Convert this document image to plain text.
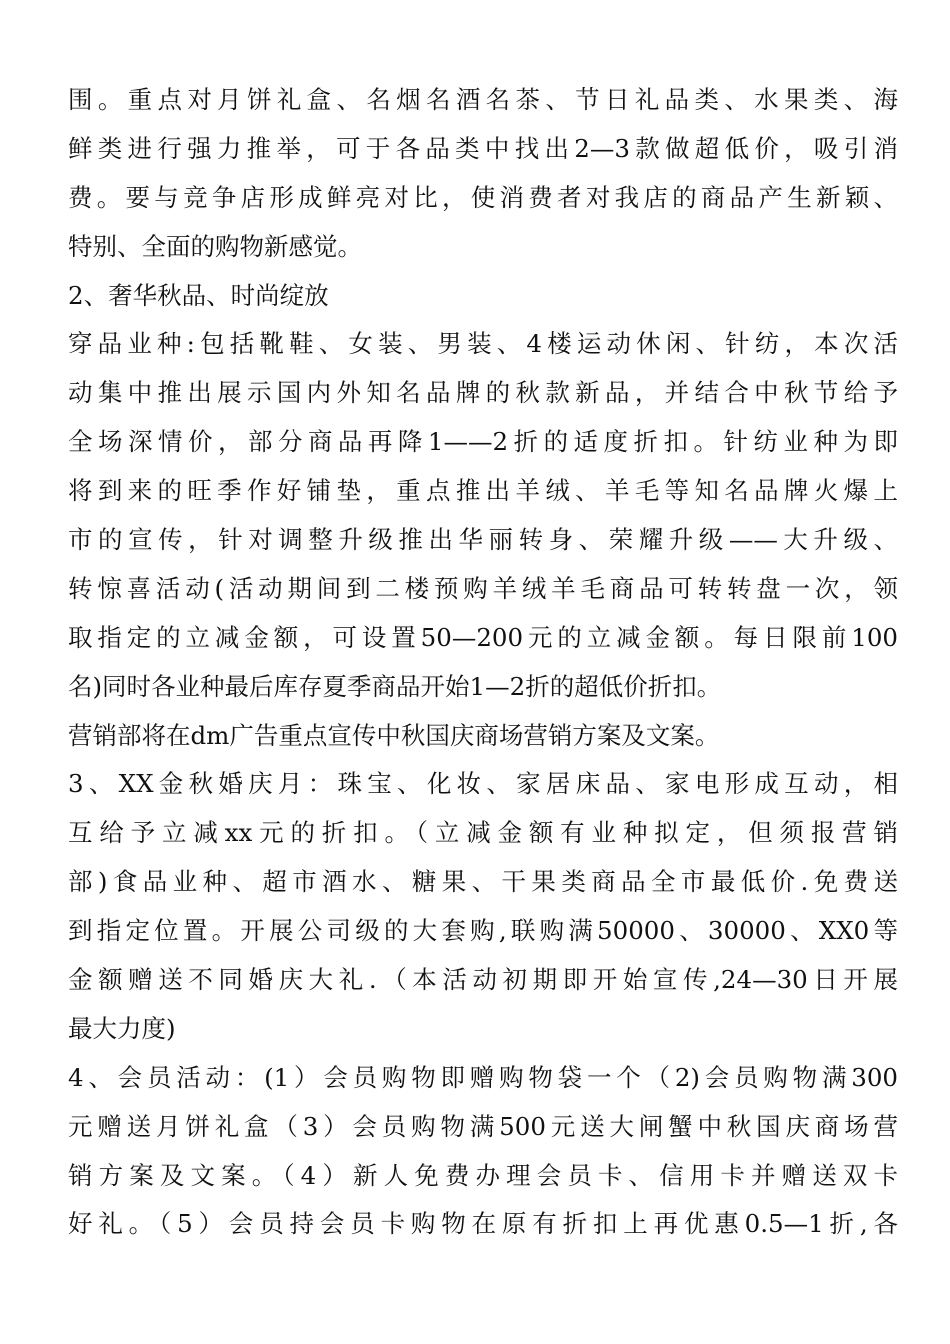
围。重点对月饼礼盒、名烟名酒名茶、节日礼品类、水果类、海
鲜类进行强力推举，可于各品类中找出2—3款做超低价，吸引消
费。要与竞争店形成鲜亮对比，使消费者对我店的商品产生新颖、
特别、全面的购物新感觉。
2、奢华秋品、时尚绽放
穿品业种:包括靴鞋、女装、男装、4楼运动休闲、针纺，本次活
动集中推出展示国内外知名品牌的秋款新品，并结合中秋节给予
全场深情价，部分商品再降1——2折的适度折扣。针纺业种为即
将到来的旺季作好铺垫，重点推出羊绒、羊毛等知名品牌火爆上
市的宣传，针对调整升级推出华丽转身、荣耀升级——大升级、
转惊喜活动(活动期间到二楼预购羊绒羊毛商品可转转盘一次，领
取指定的立减金额，可设置50—200元的立减金额。每日限前100
名)同时各业种最后库存夏季商品开始1—2折的超低价折扣。
营销部将在dm广告重点宣传中秋国庆商场营销方案及文案。
3、XX金秋婚庆月：珠宝、化妆、家居床品、家电形成互动，相
互给予立减xx元的折扣。（立减金额有业种拟定，但须报营销
部)食品业种、超市酒水、糖果、干果类商品全市最低价.免费送
到指定位置。开展公司级的大套购,联购满50000、30000、XX0等
金额赠送不同婚庆大礼.（本活动初期即开始宣传,24—30日开展
最大力度)
4、会员活动：(1）会员购物即赠购物袋一个（2)会员购物满300
元赠送月饼礼盒（3）会员购物满500元送大闸蟹中秋国庆商场营
销方案及文案。（4）新人免费办理会员卡、信用卡并赠送双卡
好礼。（5）会员持会员卡购物在原有折扣上再优惠0.5—1折,各
